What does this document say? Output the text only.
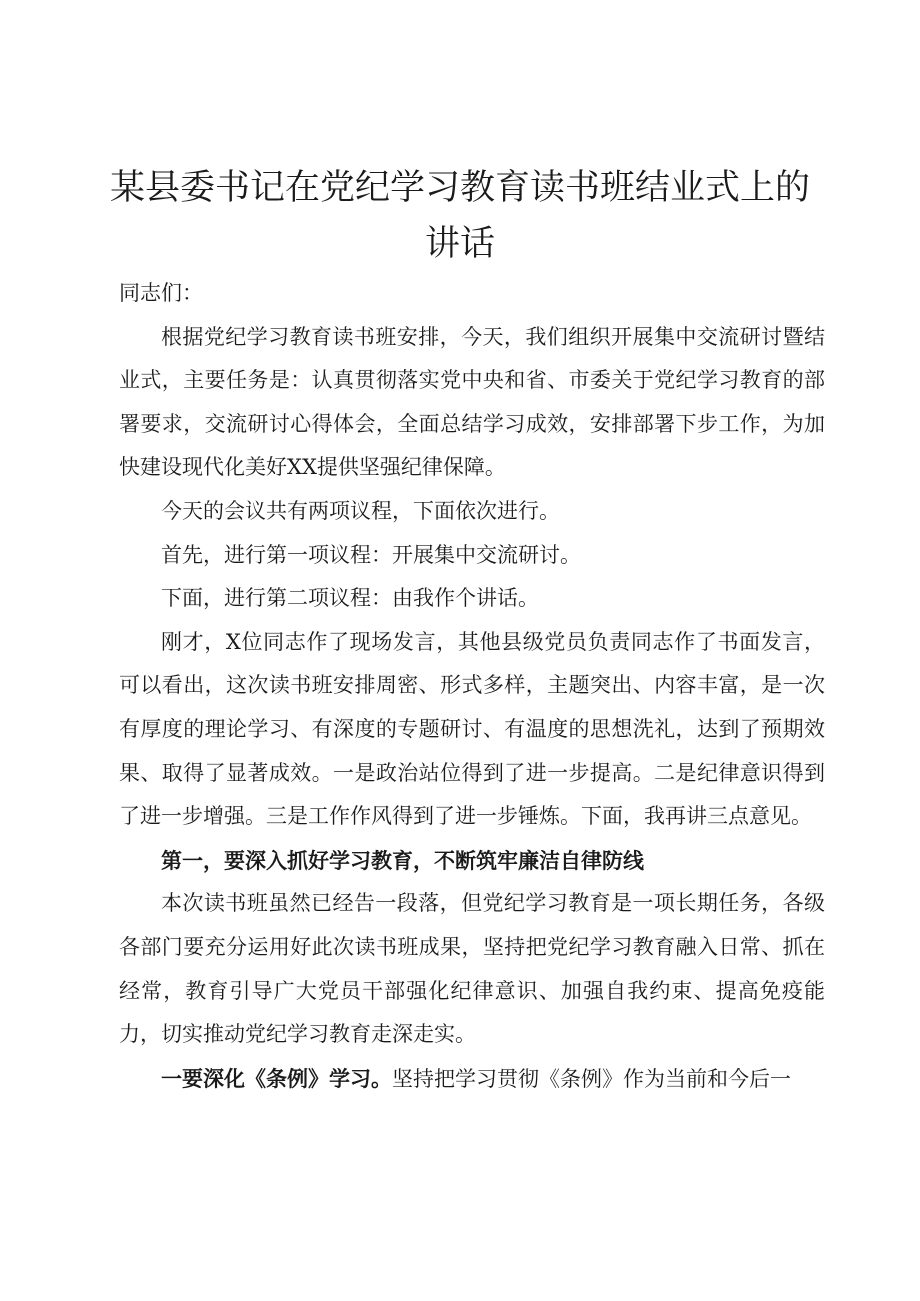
某县委书记在党纪学习教育读书班结业式上的
讲话

同志们：

根据党纪学习教育读书班安排，今天，我们组织开展集中交流研讨暨结业式，主要任务是：认真贯彻落实党中央和省、市委关于党纪学习教育的部署要求，交流研讨心得体会，全面总结学习成效，安排部署下步工作，为加快建设现代化美好XX提供坚强纪律保障。

今天的会议共有两项议程，下面依次进行。

首先，进行第一项议程：开展集中交流研讨。

下面，进行第二项议程：由我作个讲话。

刚才，X位同志作了现场发言，其他县级党员负责同志作了书面发言，可以看出，这次读书班安排周密、形式多样，主题突出、内容丰富，是一次有厚度的理论学习、有深度的专题研讨、有温度的思想洗礼，达到了预期效果、取得了显著成效。一是政治站位得到了进一步提高。二是纪律意识得到了进一步增强。三是工作作风得到了进一步锤炼。下面，我再讲三点意见。

第一，要深入抓好学习教育，不断筑牢廉洁自律防线

本次读书班虽然已经告一段落，但党纪学习教育是一项长期任务，各级各部门要充分运用好此次读书班成果，坚持把党纪学习教育融入日常、抓在经常，教育引导广大党员干部强化纪律意识、加强自我约束、提高免疫能力，切实推动党纪学习教育走深走实。

一要深化《条例》学习。坚持把学习贯彻《条例》作为当前和今后一
